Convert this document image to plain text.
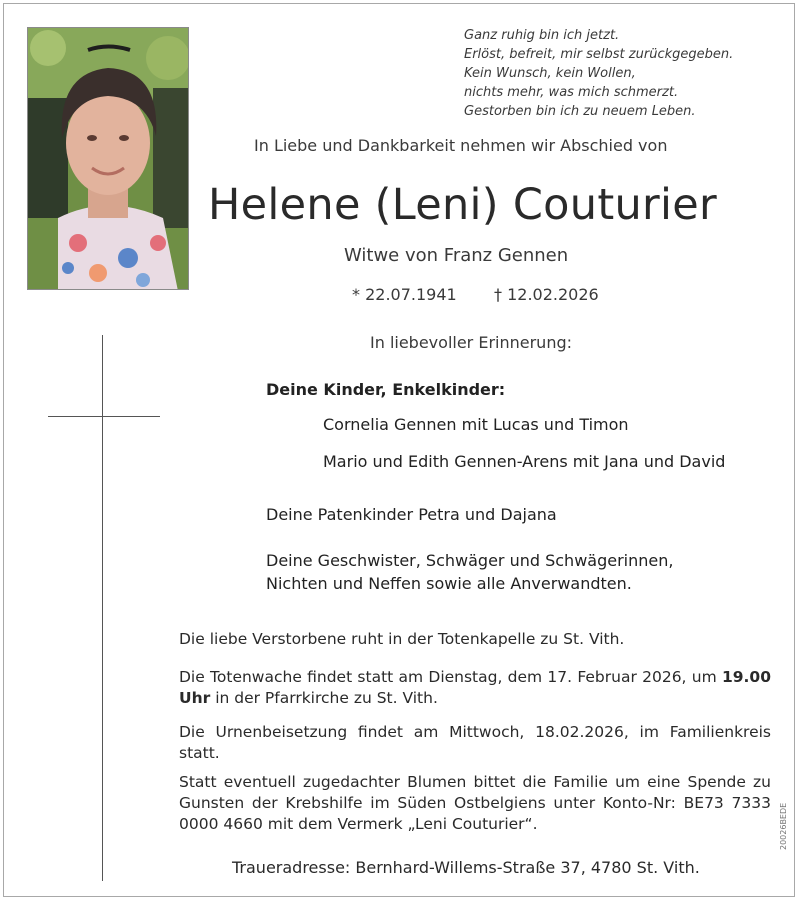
Ganz ruhig bin ich jetzt.
Erlöst, befreit, mir selbst zurückgegeben.
Kein Wunsch, kein Wollen,
nichts mehr, was mich schmerzt.
Gestorben bin ich zu neuem Leben.
In Liebe und Dankbarkeit nehmen wir Abschied von
Helene (Leni) Couturier
Witwe von Franz Gennen
* 22.07.1941 † 12.02.2026
In liebevoller Erinnerung:
Deine Kinder, Enkelkinder:
Cornelia Gennen mit Lucas und Timon
Mario und Edith Gennen-Arens mit Jana und David
Deine Patenkinder Petra und Dajana
Deine Geschwister, Schwäger und Schwägerinnen,
Nichten und Neffen sowie alle Anverwandten.
Die liebe Verstorbene ruht in der Totenkapelle zu St. Vith.
Die Totenwache findet statt am Dienstag, dem 17. Februar 2026, um 19.00 Uhr in der Pfarrkirche zu St. Vith.
Die Urnenbeisetzung findet am Mittwoch, 18.02.2026, im Familienkreis statt.
Statt eventuell zugedachter Blumen bittet die Familie um eine Spende zu Gunsten der Krebshilfe im Süden Ostbelgiens unter Konto-Nr: BE73 7333 0000 4660 mit dem Vermerk „Leni Couturier“.
Traueradresse: Bernhard-Willems-Straße 37, 4780 St. Vith.
20026BEDE
